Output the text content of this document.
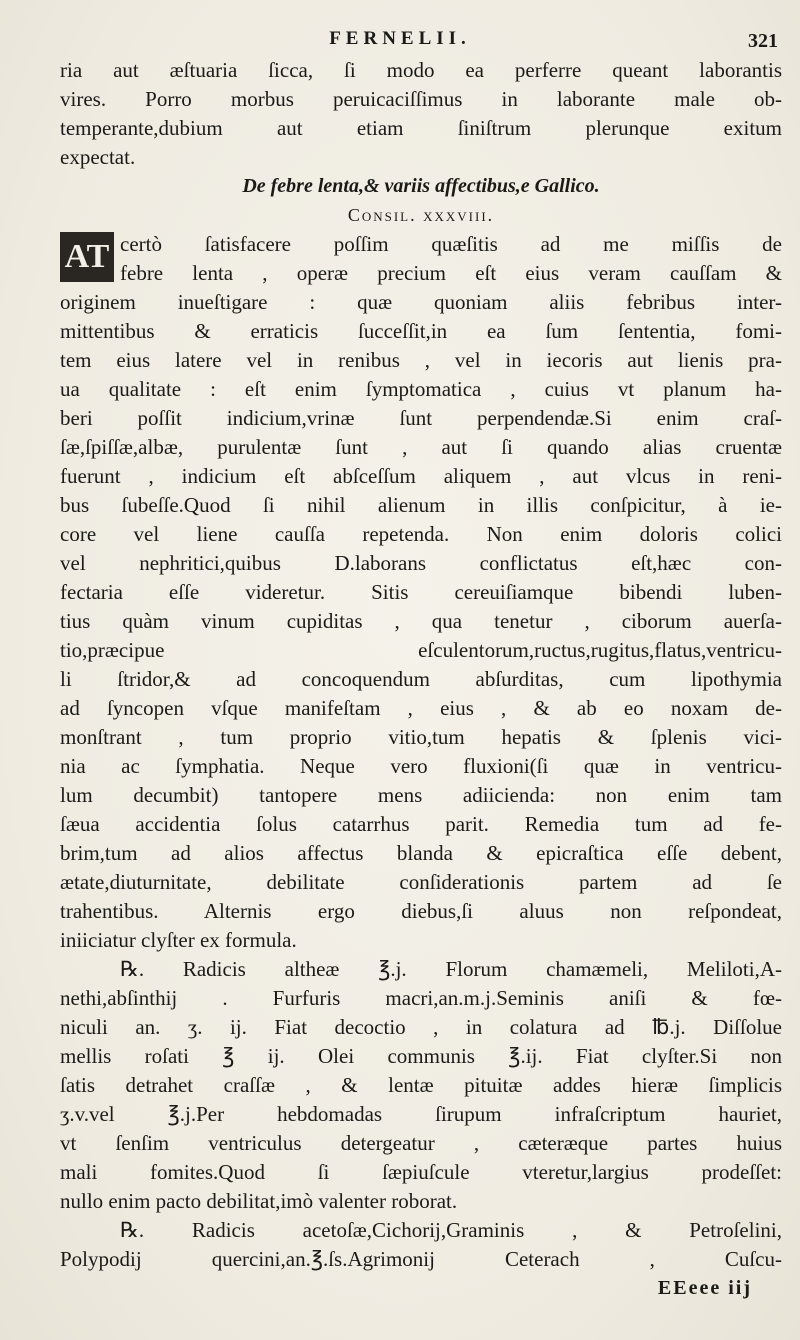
FERNELII.	321
ria aut æſtuaria ſicca, ſi modo ea perferre queant laborantis
vires. Porro morbus peruicaciſſimus in laborante male ob-
temperante,dubium aut etiam ſiniſtrum plerunque exitum
expectat.
De febre lenta,& variis affectibus,e Gallico.
Consil. xxxviii.
AT certò ſatisfacere poſſim quæſitis ad me miſſis de
febre lenta , operæ precium eſt eius veram cauſſam &
originem inueſtigare : quæ quoniam aliis febribus inter-
mittentibus & erraticis ſucceſſit,in ea ſum ſententia, fomi-
tem eius latere vel in renibus , vel in iecoris aut lienis pra-
ua qualitate : eſt enim ſymptomatica , cuius vt planum ha-
beri poſſit indicium,vrinæ ſunt perpendendæ.Si enim craſ-
ſæ,ſpiſſæ,albæ, purulentæ ſunt , aut ſi quando alias cruentæ
fuerunt , indicium eſt abſceſſum aliquem , aut vlcus in reni-
bus ſubeſſe.Quod ſi nihil alienum in illis conſpicitur, à ie-
core vel liene cauſſa repetenda. Non enim doloris colici
vel nephritici,quibus D.laborans conflictatus eſt,hæc con-
fectaria eſſe videretur. Sitis cereuiſiamque bibendi luben-
tius quàm vinum cupiditas , qua tenetur , ciborum auerſa-
tio,præcipue eſculentorum,ructus,rugitus,flatus,ventricu-
li ſtridor,& ad concoquendum abſurditas, cum lipothymia
ad ſyncopen vſque manifeſtam , eius , & ab eo noxam de-
monſtrant , tum proprio vitio,tum hepatis & ſplenis vici-
nia ac ſymphatia. Neque vero fluxioni(ſi quæ in ventricu-
lum decumbit) tantopere mens adiicienda: non enim tam
ſæua accidentia ſolus catarrhus parit. Remedia tum ad fe-
brim,tum ad alios affectus blanda & epicraſtica eſſe debent,
ætate,diuturnitate, debilitate conſiderationis partem ad ſe
trahentibus. Alternis ergo diebus,ſi aluus non reſpondeat,
iniiciatur clyſter ex formula.
℞. Radicis altheæ ℥.j. Florum chamæmeli, Meliloti,A-
nethi,abſinthij . Furfuris macri,an.m.j.Seminis aniſi & fœ-
niculi an. ʒ. ij. Fiat decoctio , in colatura ad ℔.j. Diſſolue
mellis roſati ℥ ij. Olei communis ℥.ij. Fiat clyſter.Si non
ſatis detrahet craſſæ , & lentæ pituitæ addes hieræ ſimplicis
ʒ.v.vel ℥.j.Per hebdomadas ſirupum infraſcriptum hauriet,
vt ſenſim ventriculus detergeatur , cæteræque partes huius
mali fomites.Quod ſi ſæpiuſcule vteretur,largius prodeſſet:
nullo enim pacto debilitat,imò valenter roborat.
℞. Radicis acetoſæ,Cichorij,Graminis , & Petroſelini,
Polypodij quercini,an.℥.ſs.Agrimonij Ceterach , Cuſcu-
EEeee iij
